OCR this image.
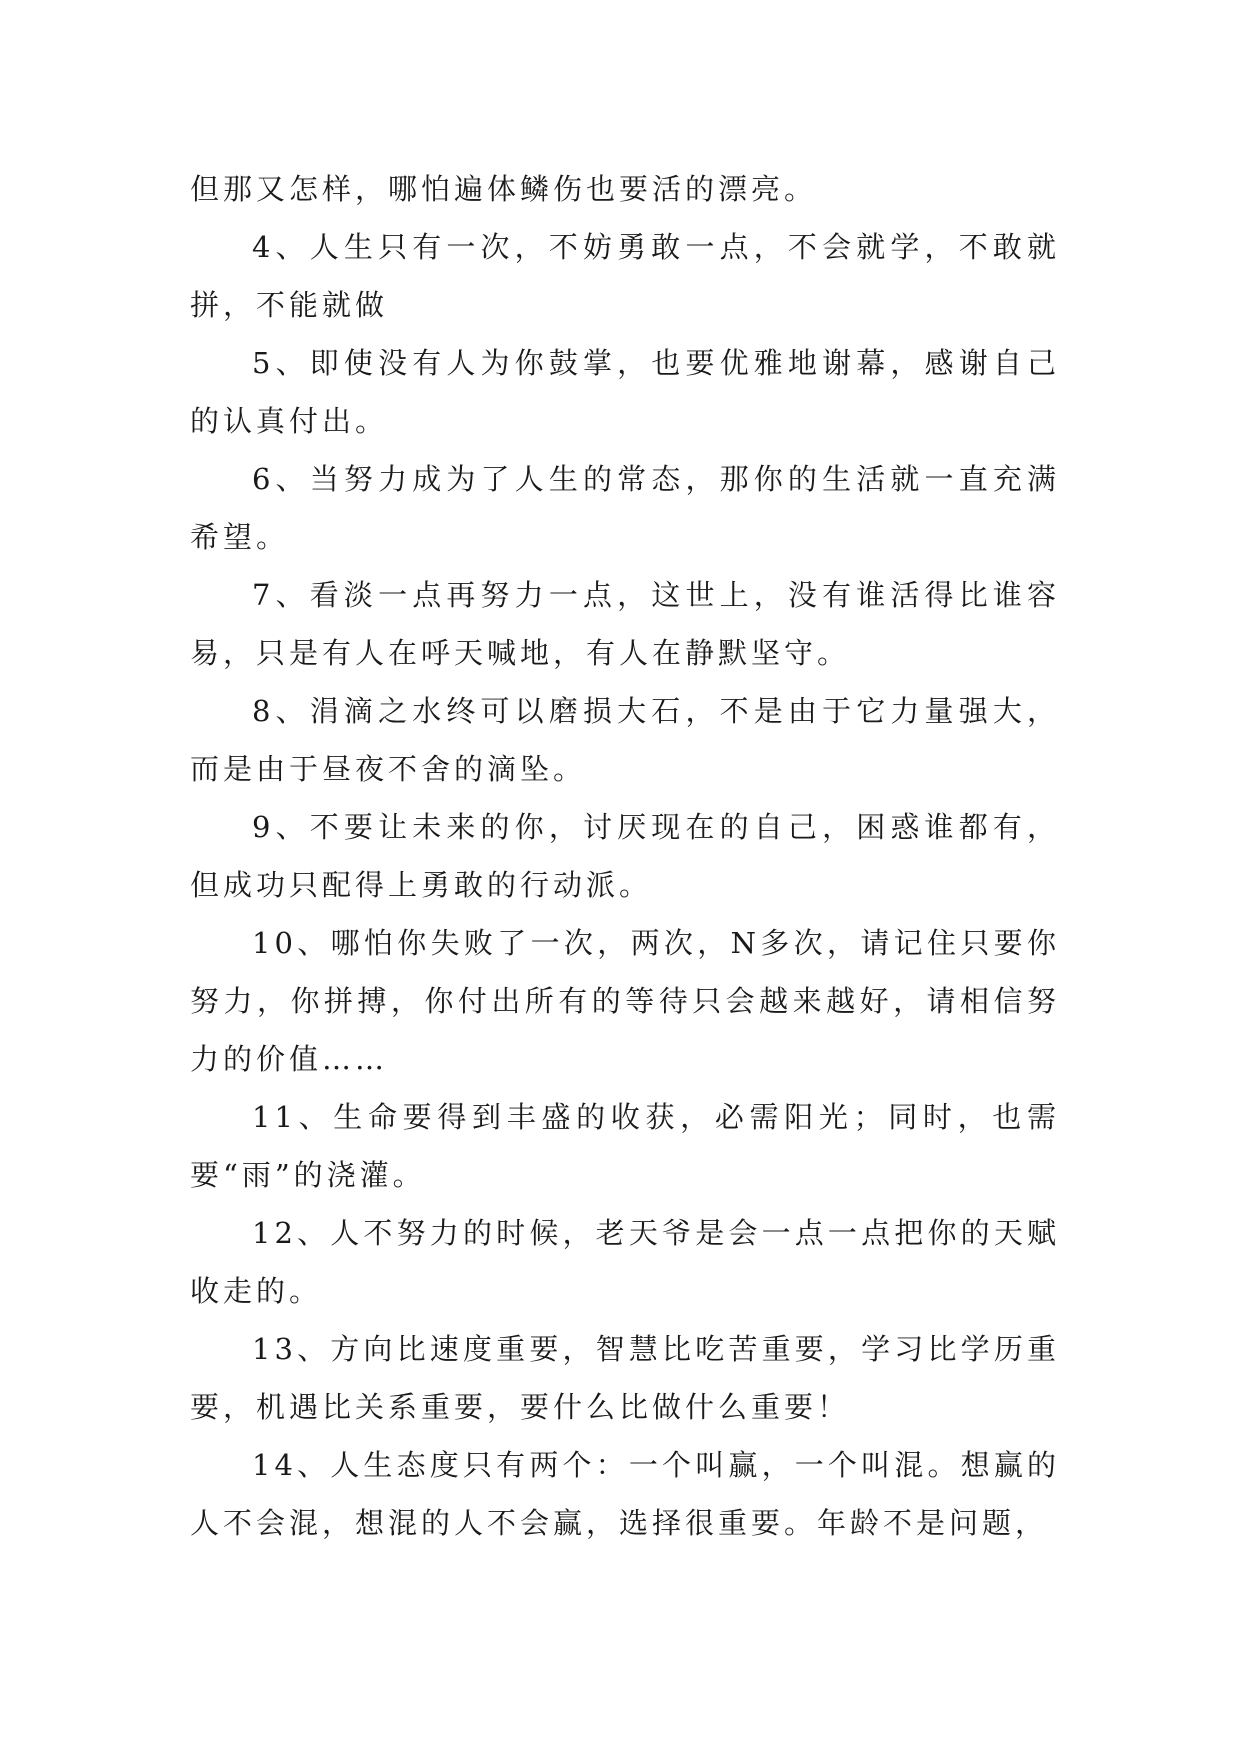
但那又怎样，哪怕遍体鳞伤也要活的漂亮。

4、人生只有一次，不妨勇敢一点，不会就学，不敢就拼，不能就做

5、即使没有人为你鼓掌，也要优雅地谢幕，感谢自己的认真付出。

6、当努力成为了人生的常态，那你的生活就一直充满希望。

7、看淡一点再努力一点，这世上，没有谁活得比谁容易，只是有人在呼天喊地，有人在静默坚守。

8、涓滴之水终可以磨损大石，不是由于它力量强大，而是由于昼夜不舍的滴坠。

9、不要让未来的你，讨厌现在的自己，困惑谁都有，但成功只配得上勇敢的行动派。

10、哪怕你失败了一次，两次，N多次，请记住只要你努力，你拼搏，你付出所有的等待只会越来越好，请相信努力的价值……

11、生命要得到丰盛的收获，必需阳光；同时，也需要“雨”的浇灌。

12、人不努力的时候，老天爷是会一点一点把你的天赋收走的。

13、方向比速度重要，智慧比吃苦重要，学习比学历重要，机遇比关系重要，要什么比做什么重要！

14、人生态度只有两个：一个叫赢，一个叫混。想赢的人不会混，想混的人不会赢，选择很重要。年龄不是问题，
